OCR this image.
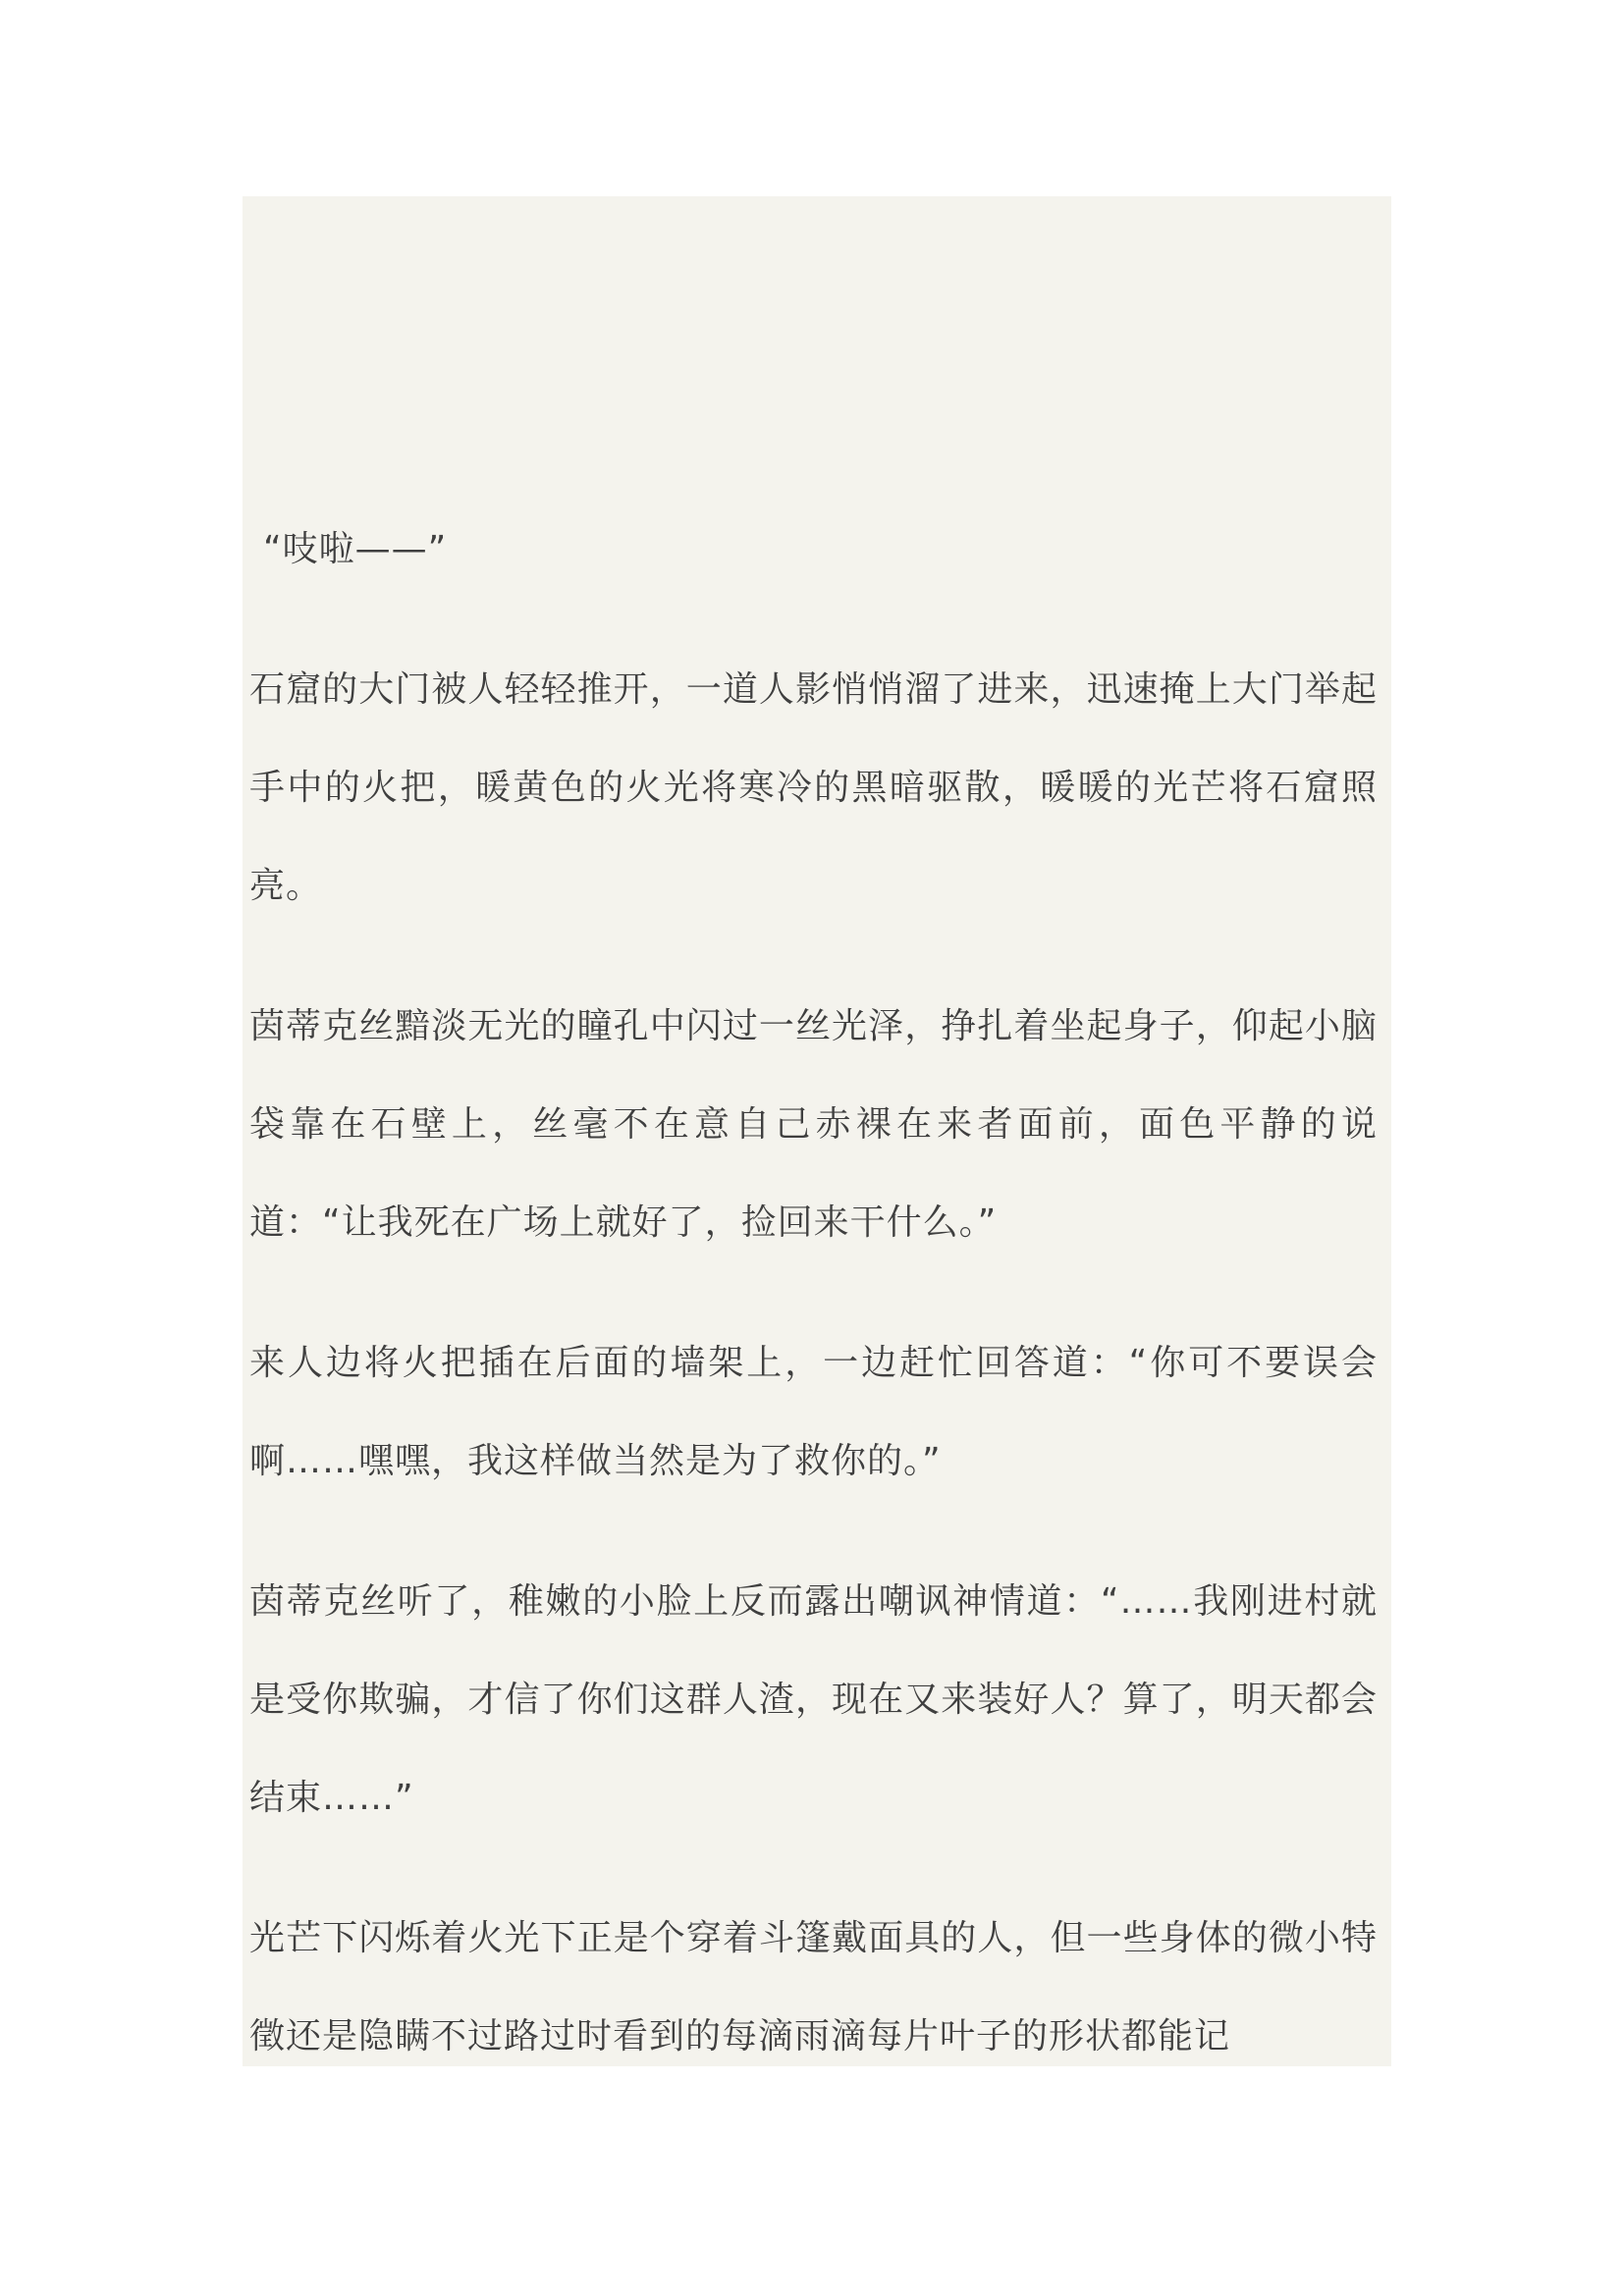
“吱啦——”

石窟的大门被人轻轻推开，一道人影悄悄溜了进来，迅速掩上大门举起手中的火把，暖黄色的火光将寒冷的黑暗驱散，暖暖的光芒将石窟照亮。

茵蒂克丝黯淡无光的瞳孔中闪过一丝光泽，挣扎着坐起身子，仰起小脑袋靠在石壁上，丝毫不在意自己赤裸在来者面前，面色平静的说道：“让我死在广场上就好了，捡回来干什么。”

来人边将火把插在后面的墙架上，一边赶忙回答道：“你可不要误会啊……嘿嘿，我这样做当然是为了救你的。”

茵蒂克丝听了，稚嫩的小脸上反而露出嘲讽神情道：“……我刚进村就是受你欺骗，才信了你们这群人渣，现在又来装好人？算了，明天都会结束……”

光芒下闪烁着火光下正是个穿着斗篷戴面具的人，但一些身体的微小特徵还是隐瞒不过路过时看到的每滴雨滴每片叶子的形状都能记
